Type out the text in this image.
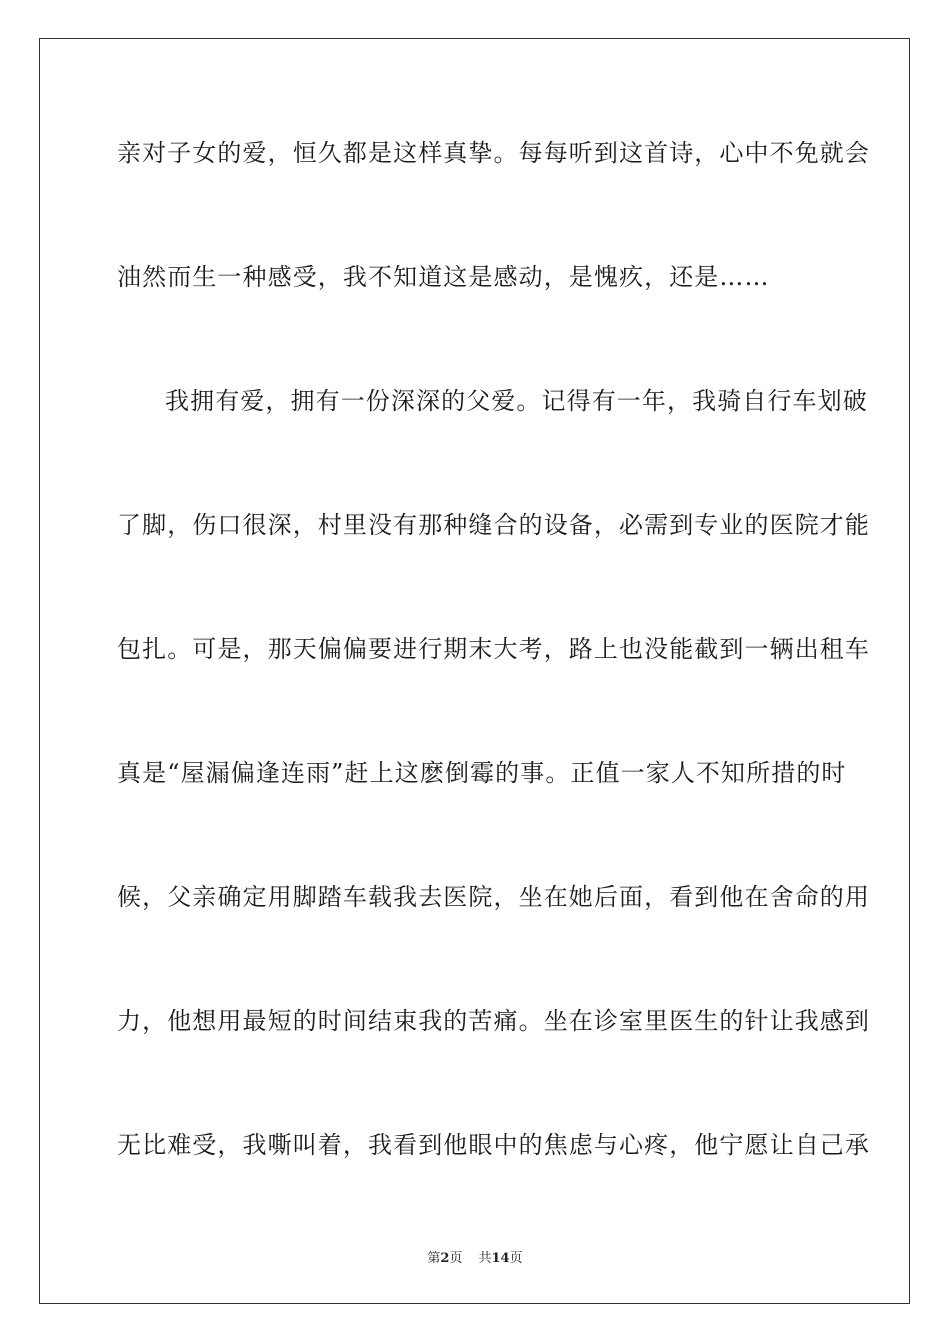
亲对子女的爱，恒久都是这样真挚。每每听到这首诗，心中不免就会
油然而生一种感受，我不知道这是感动，是愧疚，还是……
我拥有爱，拥有一份深深的父爱。记得有一年，我骑自行车划破
了脚，伤口很深，村里没有那种缝合的设备，必需到专业的医院才能
包扎。可是，那天偏偏要进行期末大考，路上也没能截到一辆出租车
真是“屋漏偏逢连雨”赶上这麽倒霉的事。正值一家人不知所措的时
候，父亲确定用脚踏车载我去医院，坐在她后面，看到他在舍命的用
力，他想用最短的时间结束我的苦痛。坐在诊室里医生的针让我感到
无比难受，我嘶叫着，我看到他眼中的焦虑与心疼，他宁愿让自己承
第2页 共14页
